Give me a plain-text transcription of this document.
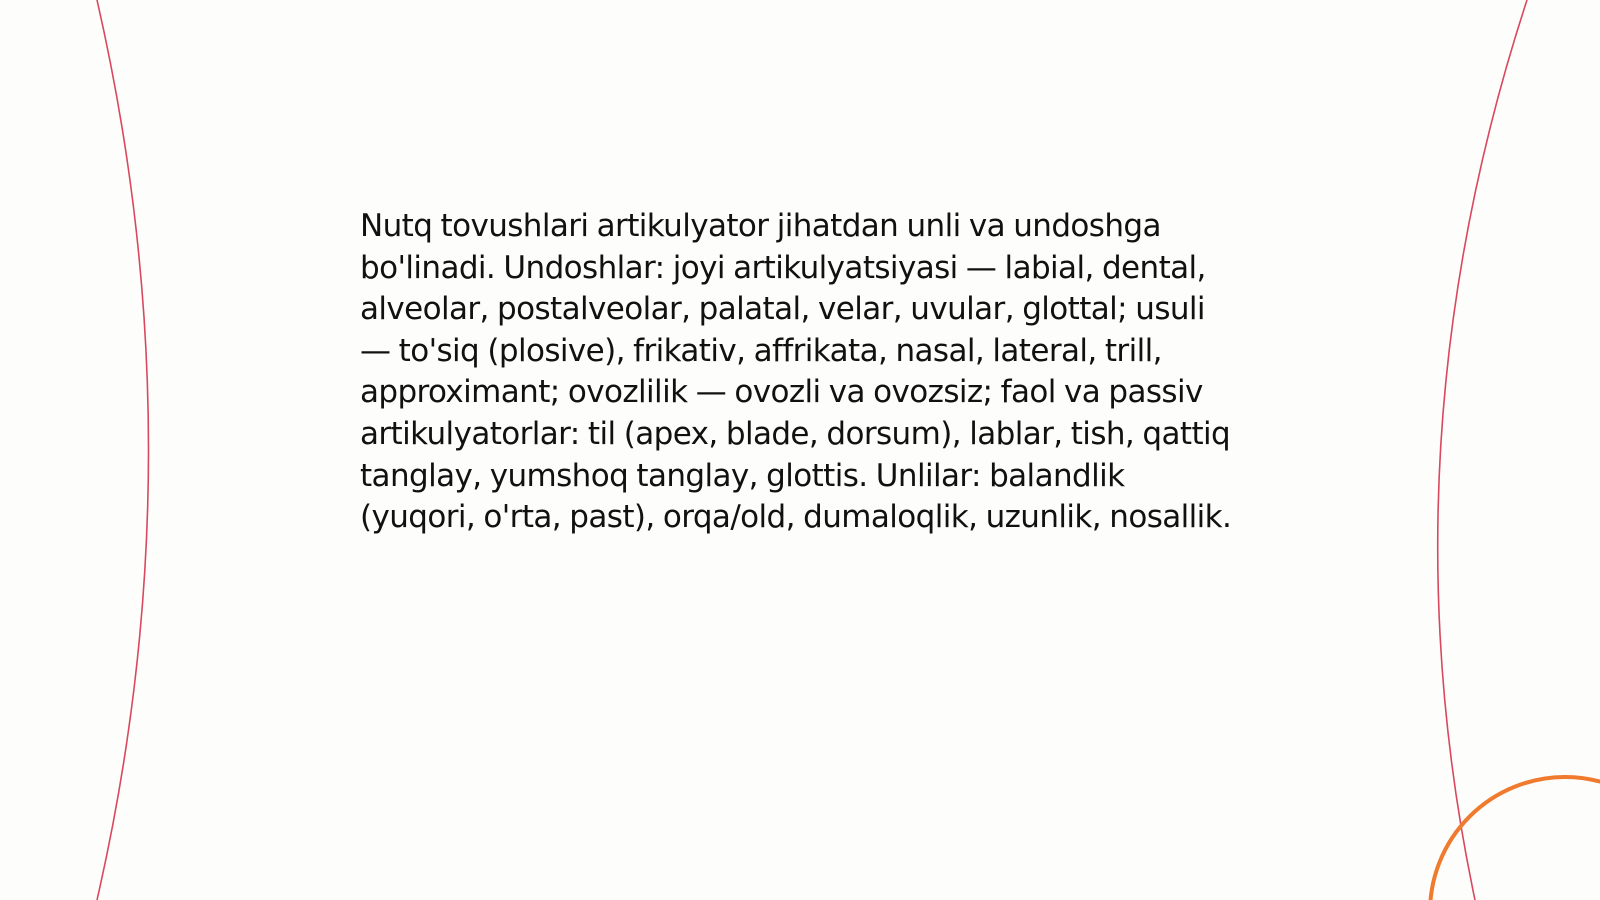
Nutq tovushlari artikulyator jihatdan unli va undoshga bo'linadi. Undoshlar: joyi artikulyatsiyasi — labial, dental, alveolar, postalveolar, palatal, velar, uvular, glottal; usuli — to'siq (plosive), frikativ, affrikata, nasal, lateral, trill, approximant; ovozlilik — ovozli va ovozsiz; faol va passiv artikulyatorlar: til (apex, blade, dorsum), lablar, tish, qattiq tanglay, yumshoq tanglay, glottis. Unlilar: balandlik (yuqori, o'rta, past), orqa/old, dumaloqlik, uzunlik, nosallik.
